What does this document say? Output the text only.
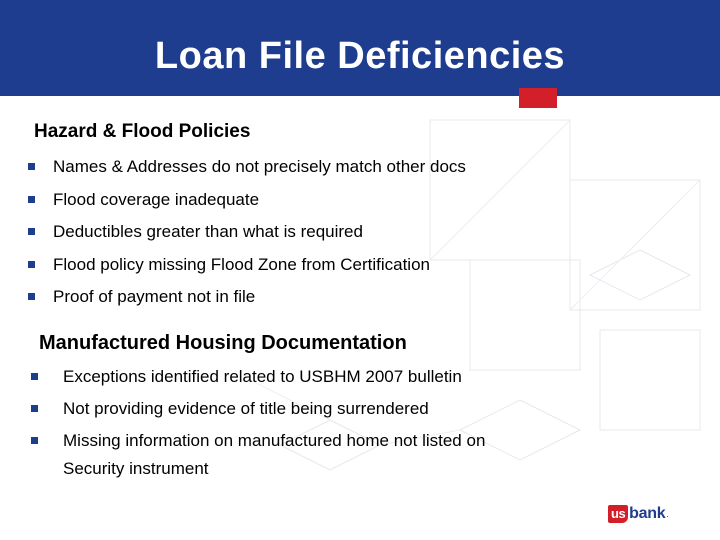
Loan File Deficiencies
Hazard & Flood Policies
Names & Addresses do not precisely match other docs
Flood coverage inadequate
Deductibles greater than what is required
Flood policy missing Flood Zone from Certification
Proof of payment not in file
Manufactured Housing Documentation
Exceptions identified related to USBHM 2007 bulletin
Not providing evidence of title being surrendered
Missing information on manufactured home not listed on
Security instrument
us bank .
